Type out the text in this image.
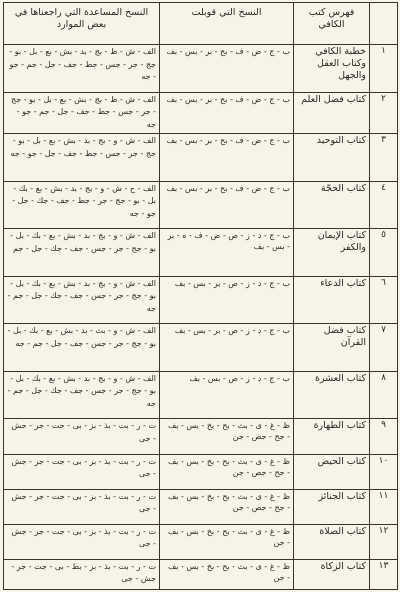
	فهرس كتب الكافي	النسخ التي قوبلت	النسخ المساعدة التي راجعناها في بعض الموارد
١	خطبة الكافي وكتاب العقل والجهل	ب - ج - ض - ف - بح - بر - بس - بف	الف - ش - ظ - بج - بد - بش - بع - بل - بو - جج - جر - جس - جط - جف - جل - جم - جو - جه
٢	كتاب فضل العلم	ب - ج - ض - ف - بح - بر - بس - بف	الف - ش - ظ - بج - بش - بع - بل - بو - جج - جر - جس - جط - جف - جل - جم - جو - جه
٣	كتاب التوحيد	ب - ج - ض - ف - بح - بر - بس - بف	الف - ش - و - بج - بد - بش - بع - بل - بو - جج - جر - جس - جط - جف - جل - جو - جه
٤	كتاب الحجّة	ب - ج - ض - ف - بح - بر - بس - بف	الف - ح - ش - و - بج - بد - بش - بع - بك - بل - بو - جج - جر - جط - جف - جك - جل - جو - جه
٥	كتاب الإيمان والكفر	ب - ج - د - ز - ص - ض - ف - ه - بر - بس - بف	الف - ش - و - بج - بد - بش - بع - بك - بل - بو - جج - جر - جس - جف - جك - جل - جم
٦	كتاب الدعاء	ب - ج - د - ز - ص - بر - بس - بف	الف - ش - و - بج - بد - بش - بع - بك - بل - بو - جج - جر - جس - جف - جك - جل - جم - جه
٧	كتاب فضل القرآن	ب - ج - د - ز - ص - بر - بس - بف	الف - ش - و - بث - بد - بش - بع - بك - بل - بو - جج - جر - جس - جف - جل - جم - جه
٨	كتاب العشرة	ب - ج - د - ز - ص - بس - بف	الف - ش - و - بج - بد - بش - بع - بك - بل - بو - جج - جر - جس - جف - جك - جل - جم - جه
٩	كتاب الطهارة	ظ - غ - ى - بث - بح - بخ - بس - بف - جح - جص - جن	ت - ر - بت - بذ - بز - بى - جت - جر - جش - جى
١٠	كتاب الحيض	ظ - غ - ى - بث - بح - بخ - بس - بف - جح - جص - جن	ت - ر - بت - بذ - بز - بى - جت - جر - جش - جى
١١	كتاب الجنائز	ظ - غ - ى - بث - بح - بخ - بس - بف - جح - جص - جن	ت - ر - بت - بذ - بز - بى - جت - جر - جش - جى
١٢	كتاب الصلاة	ظ - غ - ى - بث - بح - بخ - بس - بف - جن	ت - ر - بت - بذ - بز - بى - جت - جر - جش - جى
١٣	كتاب الزكاة	ظ - غ - ى - بث - بح - بخ - بس - بف - جن	ت - ر - بت - بذ - بز - بط - بى - جت - جر - جش - جى
